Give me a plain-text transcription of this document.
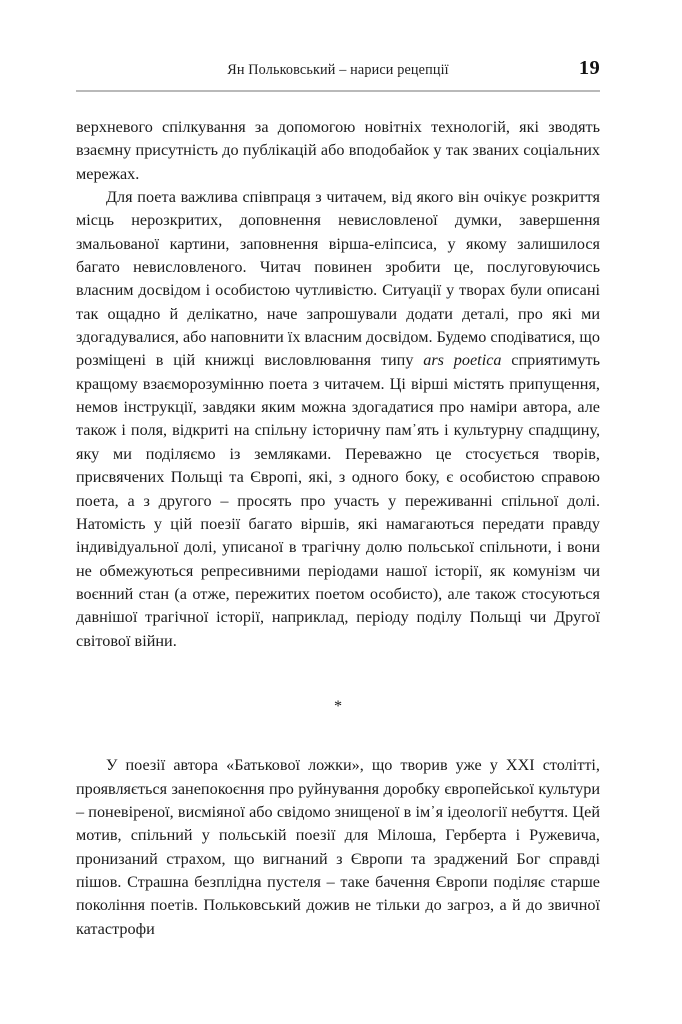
Ян Польковський – нариси рецепції	19

верхневого спілкування за допомогою новітніх технологій, які зводять взаємну присутність до публікацій або вподобайок у так званих соціальних мережах.

Для поета важлива співпраця з читачем, від якого він очікує розкриття місць нерозкритих, доповнення невисловленої думки, завершення змальованої картини, заповнення вірша-еліпсиса, у якому залишилося багато невисловленого. Читач повинен зробити це, послуговуючись власним досвідом і особистою чутливістю. Ситуації у творах були описані так ощадно й делікатно, наче запрошували додати деталі, про які ми здогадувалися, або наповнити їх власним досвідом. Будемо сподіватися, що розміщені в цій книжці висловлювання типу ars poetica сприятимуть кращому взаєморозумінню поета з читачем. Ці вірші містять припущення, немов інструкції, завдяки яким можна здогадатися про наміри автора, але також і поля, відкриті на спільну історичну пам᾿ять і культурну спадщину, яку ми поділяємо із земляками. Переважно це стосується творів, присвячених Польщі та Європі, які, з одного боку, є особистою справою поета, а з другого – просять про участь у переживанні спільної долі. Натомість у цій поезії багато віршів, які намагаються передати правду індивідуальної долі, уписаної в трагічну долю польської спільноти, і вони не обмежуються репресивними періодами нашої історії, як комунізм чи воєнний стан (а отже, пережитих поетом особисто), але також стосуються давнішої трагічної історії, наприклад, періоду поділу Польщі чи Другої світової війни.

*

У поезії автора «Батькової ложки», що творив уже у XXI столітті, проявляється занепокоєння про руйнування доробку європейської культури – поневіреної, висміяної або свідомо знищеної в ім᾿я ідеології небуття. Цей мотив, спільний у польській поезії для Мілоша, Герберта і Ружевича, пронизаний страхом, що вигнаний з Європи та зраджений Бог справді пішов. Страшна безплідна пустеля – таке бачення Європи поділяє старше покоління поетів. Польковський дожив не тільки до загроз, а й до звичної катастрофи
